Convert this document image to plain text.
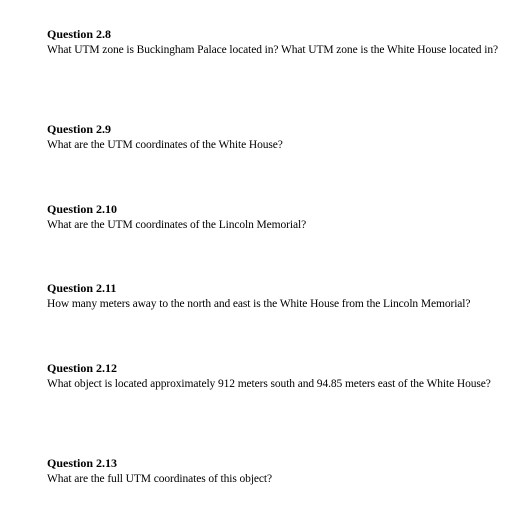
Question 2.8

What UTM zone is Buckingham Palace located in? What UTM zone is the White House located in?

Question 2.9

What are the UTM coordinates of the White House?

Question 2.10

What are the UTM coordinates of the Lincoln Memorial?

Question 2.11

How many meters away to the north and east is the White House from the Lincoln Memorial?

Question 2.12

What object is located approximately 912 meters south and 94.85 meters east of the White House?

Question 2.13

What are the full UTM coordinates of this object?
